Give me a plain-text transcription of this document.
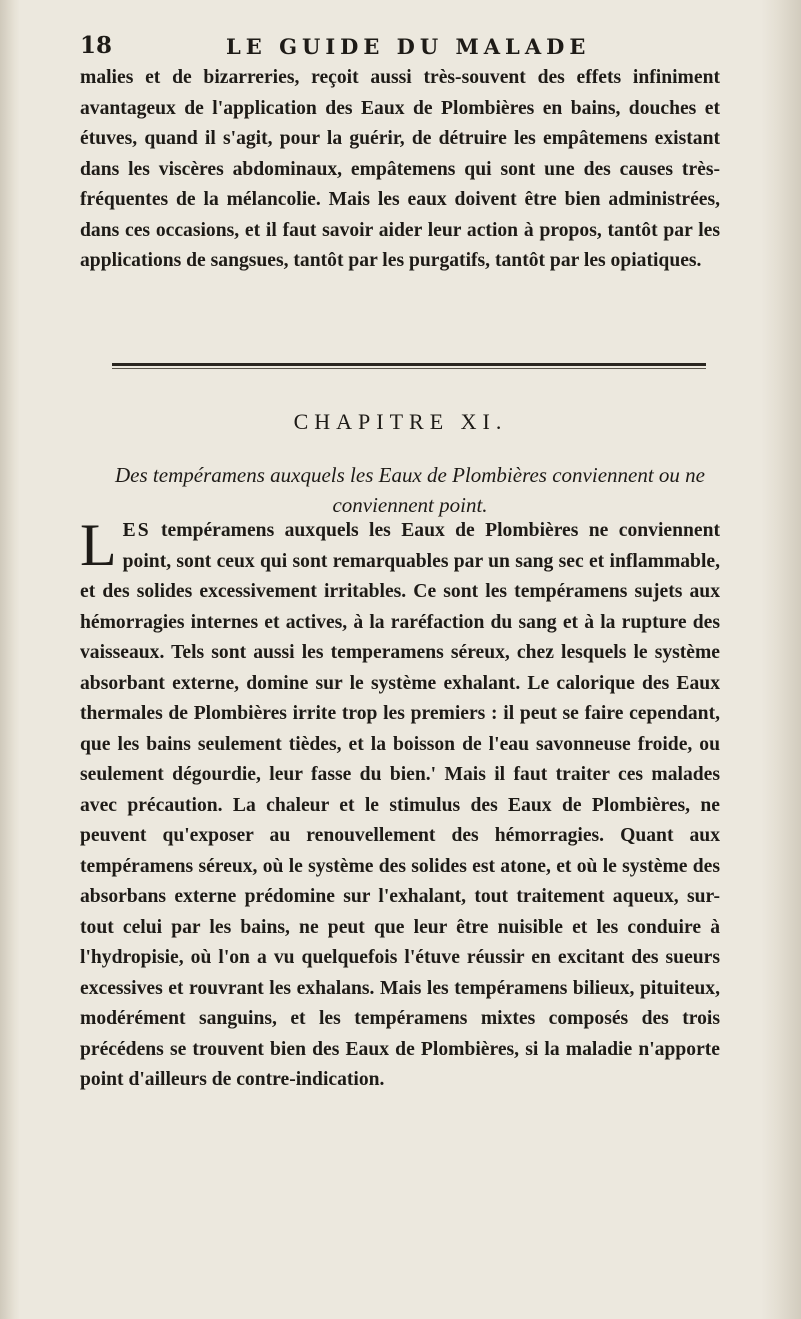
18	LE GUIDE DU MALADE

malies et de bizarreries, reçoit aussi très-souvent des effets infiniment avantageux de l'application des Eaux de Plombières en bains, douches et étuves, quand il s'agit, pour la guérir, de détruire les empâtemens existant dans les viscères abdominaux, empâtemens qui sont une des causes très-fréquentes de la mélancolie. Mais les eaux doivent être bien administrées, dans ces occasions, et il faut savoir aider leur action à propos, tantôt par les applications de sangsues, tantôt par les purgatifs, tantôt par les opiatiques.

CHAPITRE XI.
Des tempéramens auxquels les Eaux de Plombières conviennent ou ne conviennent point.

LES tempéramens auxquels les Eaux de Plombières ne conviennent point, sont ceux qui sont remarquables par un sang sec et inflammable, et des solides excessivement irritables. Ce sont les tempéramens sujets aux hémorragies internes et actives, à la raréfaction du sang et à la rupture des vaisseaux. Tels sont aussi les temperamens séreux, chez lesquels le système absorbant externe, domine sur le système exhalant. Le calorique des Eaux thermales de Plombières irrite trop les premiers : il peut se faire cependant, que les bains seulement tièdes, et la boisson de l'eau savonneuse froide, ou seulement dégourdie, leur fasse du bien.' Mais il faut traiter ces malades avec précaution. La chaleur et le stimulus des Eaux de Plombières, ne peuvent qu'exposer au renouvellement des hémorragies. Quant aux tempéramens séreux, où le système des solides est atone, et où le système des absorbans externe prédomine sur l'exhalant, tout traitement aqueux, sur-tout celui par les bains, ne peut que leur être nuisible et les conduire à l'hydropisie, où l'on a vu quelquefois l'étuve réussir en excitant des sueurs excessives et rouvrant les exhalans. Mais les tempéramens bilieux, pituiteux, modérément sanguins, et les tempéramens mixtes composés des trois précédens se trouvent bien des Eaux de Plombières, si la maladie n'apporte point d'ailleurs de contre-indication.
